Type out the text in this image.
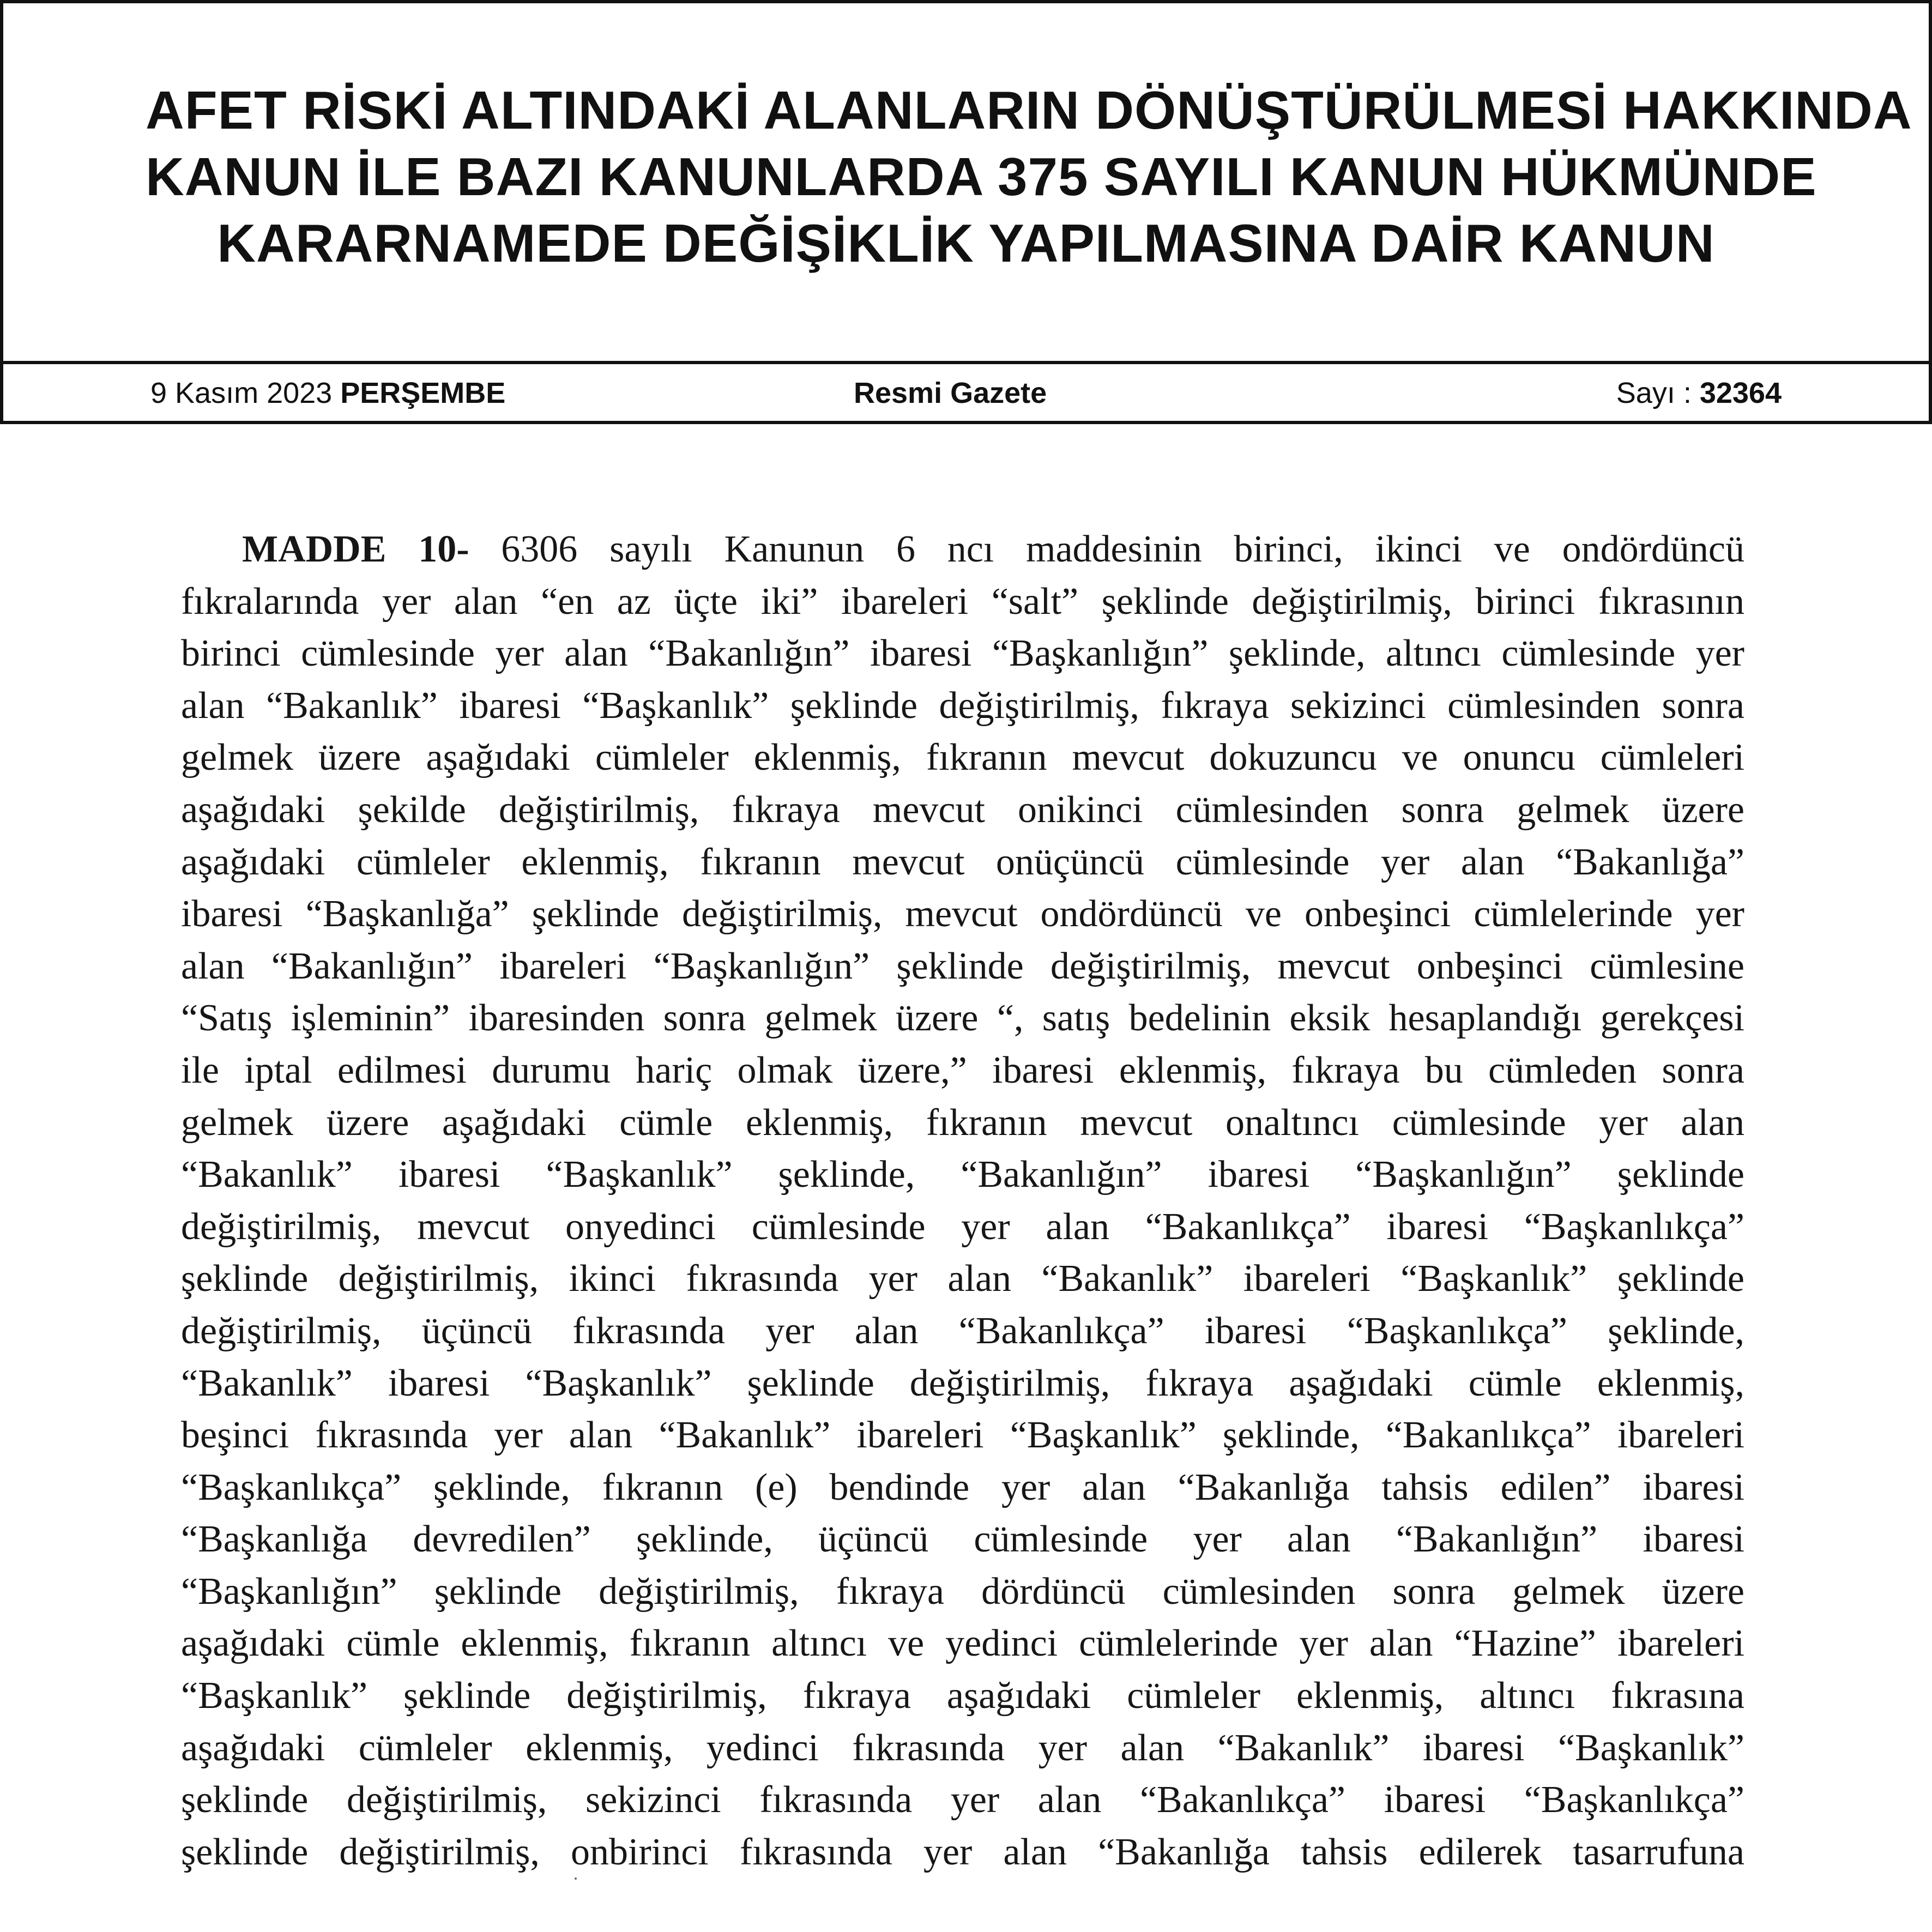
AFET RİSKİ ALTINDAKİ ALANLARIN DÖNÜŞTÜRÜLMESİ HAKKINDA
KANUN İLE BAZI KANUNLARDA 375 SAYILI KANUN HÜKMÜNDE
KARARNAMEDE DEĞİŞİKLİK YAPILMASINA DAİR KANUN
9 Kasım 2023 PERŞEMBE	Resmi Gazete	Sayı : 32364
MADDE 10- 6306 sayılı Kanunun 6 ncı maddesinin birinci, ikinci ve ondördüncü
fıkralarında yer alan “en az üçte iki” ibareleri “salt” şeklinde değiştirilmiş, birinci fıkrasının
birinci cümlesinde yer alan “Bakanlığın” ibaresi “Başkanlığın” şeklinde, altıncı cümlesinde yer
alan “Bakanlık” ibaresi “Başkanlık” şeklinde değiştirilmiş, fıkraya sekizinci cümlesinden sonra
gelmek üzere aşağıdaki cümleler eklenmiş, fıkranın mevcut dokuzuncu ve onuncu cümleleri
aşağıdaki şekilde değiştirilmiş, fıkraya mevcut onikinci cümlesinden sonra gelmek üzere
aşağıdaki cümleler eklenmiş, fıkranın mevcut onüçüncü cümlesinde yer alan “Bakanlığa”
ibaresi “Başkanlığa” şeklinde değiştirilmiş, mevcut ondördüncü ve onbeşinci cümlelerinde yer
alan “Bakanlığın” ibareleri “Başkanlığın” şeklinde değiştirilmiş, mevcut onbeşinci cümlesine
“Satış işleminin” ibaresinden sonra gelmek üzere “, satış bedelinin eksik hesaplandığı gerekçesi
ile iptal edilmesi durumu hariç olmak üzere,” ibaresi eklenmiş, fıkraya bu cümleden sonra
gelmek üzere aşağıdaki cümle eklenmiş, fıkranın mevcut onaltıncı cümlesinde yer alan
“Bakanlık” ibaresi “Başkanlık” şeklinde, “Bakanlığın” ibaresi “Başkanlığın” şeklinde
değiştirilmiş, mevcut onyedinci cümlesinde yer alan “Bakanlıkça” ibaresi “Başkanlıkça”
şeklinde değiştirilmiş, ikinci fıkrasında yer alan “Bakanlık” ibareleri “Başkanlık” şeklinde
değiştirilmiş, üçüncü fıkrasında yer alan “Bakanlıkça” ibaresi “Başkanlıkça” şeklinde,
“Bakanlık” ibaresi “Başkanlık” şeklinde değiştirilmiş, fıkraya aşağıdaki cümle eklenmiş,
beşinci fıkrasında yer alan “Bakanlık” ibareleri “Başkanlık” şeklinde, “Bakanlıkça” ibareleri
“Başkanlıkça” şeklinde, fıkranın (e) bendinde yer alan “Bakanlığa tahsis edilen” ibaresi
“Başkanlığa devredilen” şeklinde, üçüncü cümlesinde yer alan “Bakanlığın” ibaresi
“Başkanlığın” şeklinde değiştirilmiş, fıkraya dördüncü cümlesinden sonra gelmek üzere
aşağıdaki cümle eklenmiş, fıkranın altıncı ve yedinci cümlelerinde yer alan “Hazine” ibareleri
“Başkanlık” şeklinde değiştirilmiş, fıkraya aşağıdaki cümleler eklenmiş, altıncı fıkrasına
aşağıdaki cümleler eklenmiş, yedinci fıkrasında yer alan “Bakanlık” ibaresi “Başkanlık”
şeklinde değiştirilmiş, sekizinci fıkrasında yer alan “Bakanlıkça” ibaresi “Başkanlıkça”
şeklinde değiştirilmiş, onbirinci fıkrasında yer alan “Bakanlığa tahsis edilerek tasarrufuna
